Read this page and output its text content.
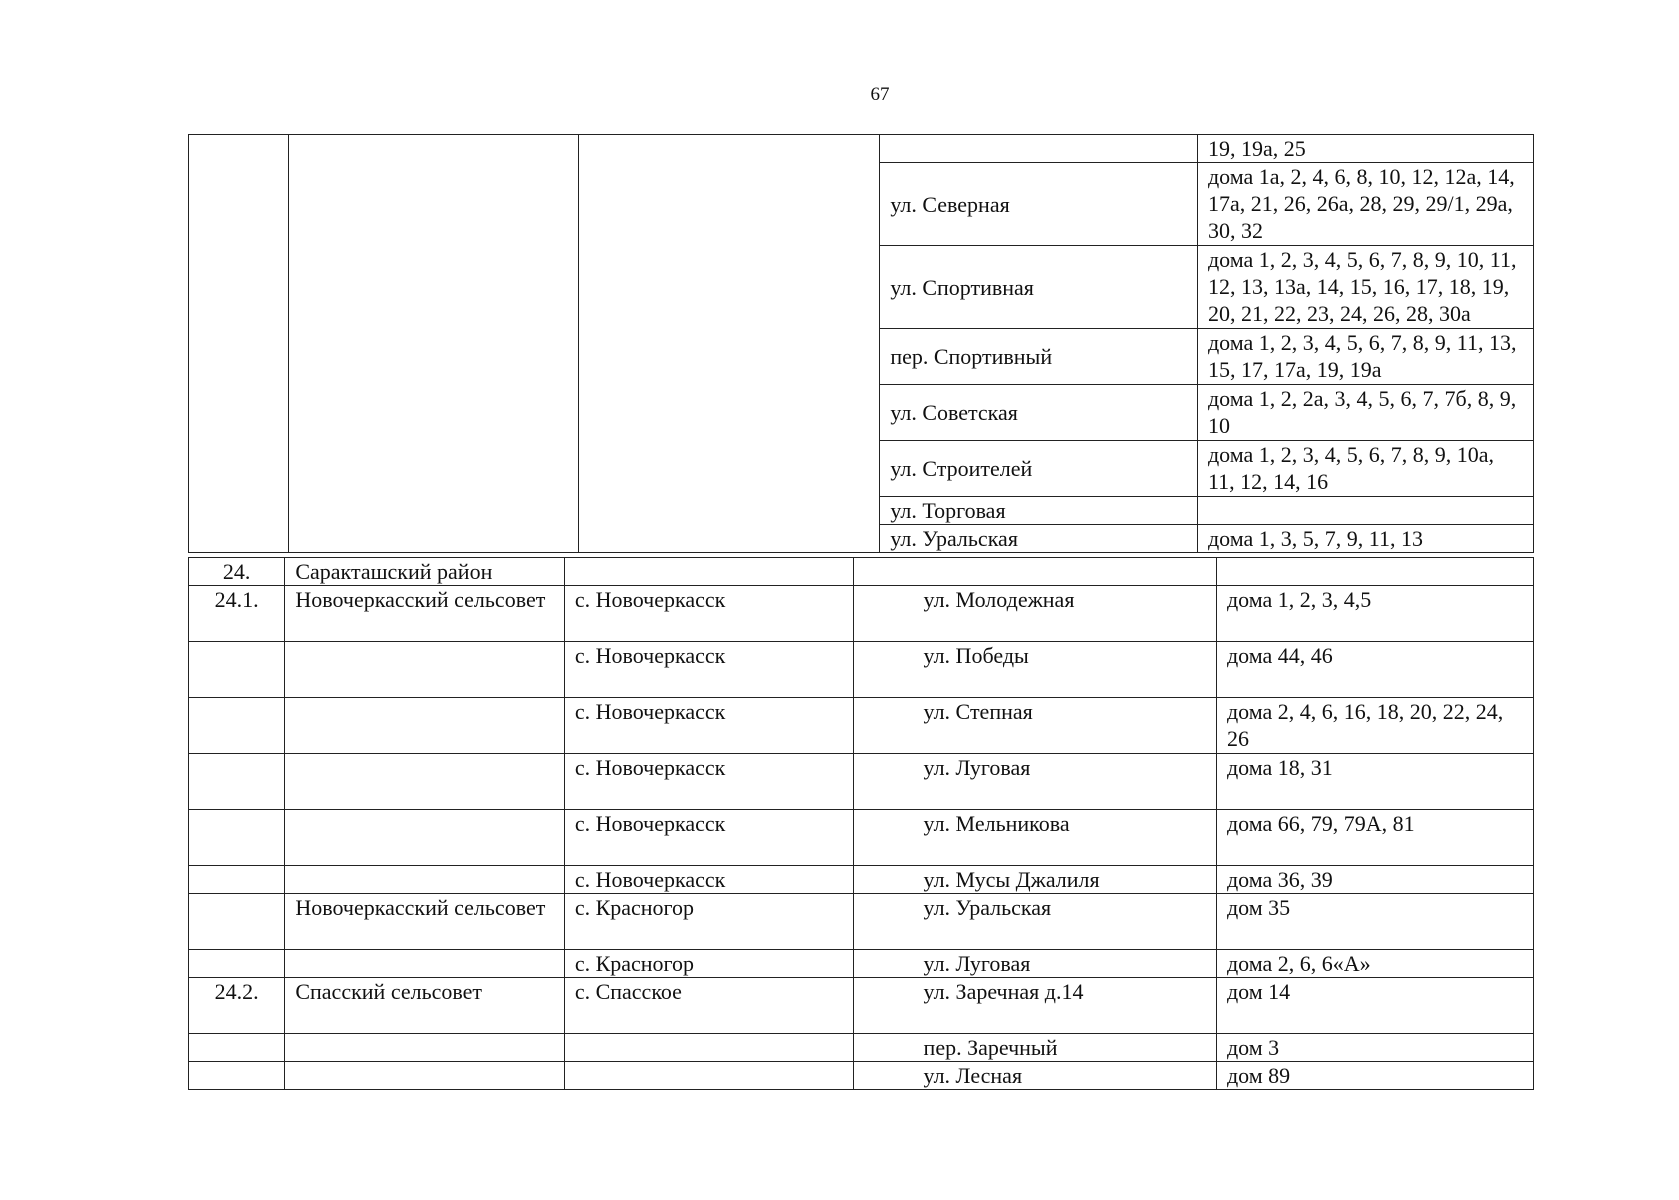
67
				19, 19а, 25
			ул. Северная	дома 1а, 2, 4, 6, 8, 10, 12, 12а, 14, 17а, 21, 26, 26а, 28, 29, 29/1, 29а, 30, 32
			ул. Спортивная	дома 1, 2, 3, 4, 5, 6, 7, 8, 9, 10, 11, 12, 13, 13а, 14, 15, 16, 17, 18, 19, 20, 21, 22, 23, 24, 26, 28, 30а
			пер. Спортивный	дома 1, 2, 3, 4, 5, 6, 7, 8, 9, 11, 13, 15, 17, 17а, 19, 19а
			ул. Советская	дома 1, 2, 2а, 3, 4, 5, 6, 7, 7б, 8, 9, 10
			ул. Строителей	дома 1, 2, 3, 4, 5, 6, 7, 8, 9, 10а, 11, 12, 14, 16
			ул. Торговая	
			ул. Уральская	дома 1, 3, 5, 7, 9, 11, 13
24.	Саракташский район			
24.1.	Новочеркасский сельсовет	с. Новочеркасск	ул. Молодежная	дома 1, 2, 3, 4,5
		с. Новочеркасск	ул. Победы	дома 44, 46
		с. Новочеркасск	ул. Степная	дома 2, 4, 6, 16, 18, 20, 22, 24, 26
		с. Новочеркасск	ул. Луговая	дома 18, 31
		с. Новочеркасск	ул. Мельникова	дома 66, 79, 79А, 81
		с. Новочеркасск	ул. Мусы Джалиля	дома 36, 39
	Новочеркасский сельсовет	с. Красногор	ул. Уральская	дом 35
		с. Красногор	ул. Луговая	дома 2, 6, 6«А»
24.2.	Спасский сельсовет	с. Спасское	ул. Заречная д.14	дом 14
			пер. Заречный	дом 3
			ул. Лесная	дом 89
